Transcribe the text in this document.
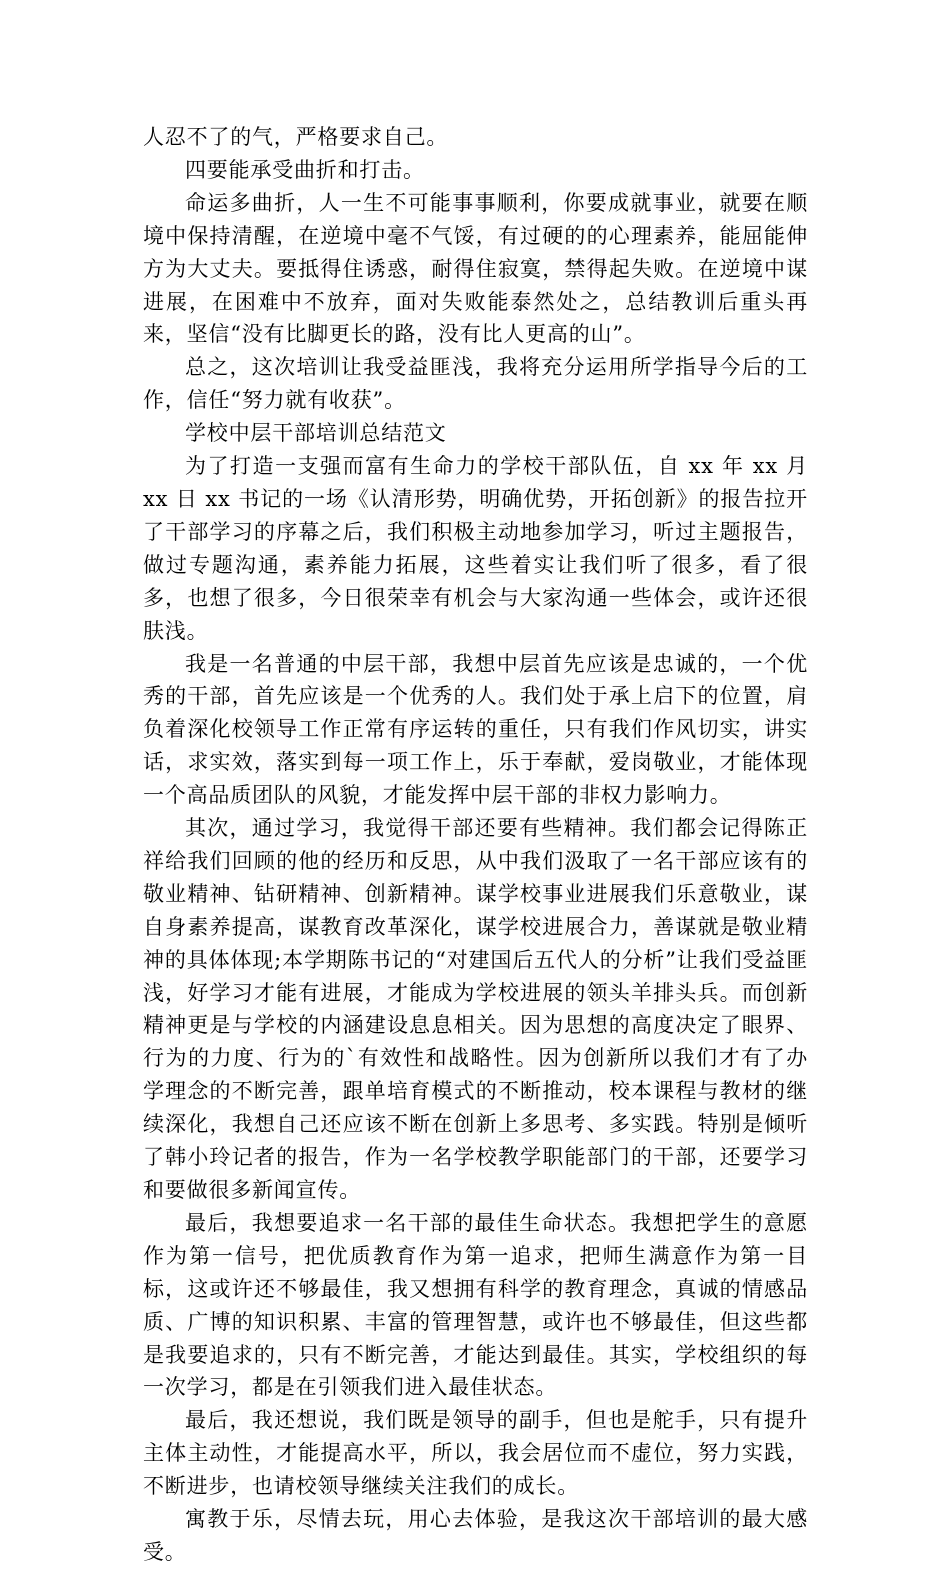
人忍不了的气，严格要求自己。

四要能承受曲折和打击。

命运多曲折，人一生不可能事事顺利，你要成就事业，就要在顺境中保持清醒，在逆境中毫不气馁，有过硬的的心理素养，能屈能伸方为大丈夫。要抵得住诱惑，耐得住寂寞，禁得起失败。在逆境中谋进展，在困难中不放弃，面对失败能泰然处之，总结教训后重头再来，坚信“没有比脚更长的路，没有比人更高的山”。

总之，这次培训让我受益匪浅，我将充分运用所学指导今后的工作，信任“努力就有收获”。

学校中层干部培训总结范文

为了打造一支强而富有生命力的学校干部队伍，自 xx 年 xx 月 xx 日 xx 书记的一场《认清形势，明确优势，开拓创新》的报告拉开了干部学习的序幕之后，我们积极主动地参加学习，听过主题报告，做过专题沟通，素养能力拓展，这些着实让我们听了很多，看了很多，也想了很多，今日很荣幸有机会与大家沟通一些体会，或许还很肤浅。

我是一名普通的中层干部，我想中层首先应该是忠诚的，一个优秀的干部，首先应该是一个优秀的人。我们处于承上启下的位置，肩负着深化校领导工作正常有序运转的重任，只有我们作风切实，讲实话，求实效，落实到每一项工作上，乐于奉献，爱岗敬业，才能体现一个高品质团队的风貌，才能发挥中层干部的非权力影响力。

其次，通过学习，我觉得干部还要有些精神。我们都会记得陈正祥给我们回顾的他的经历和反思，从中我们汲取了一名干部应该有的敬业精神、钻研精神、创新精神。谋学校事业进展我们乐意敬业，谋自身素养提高，谋教育改革深化，谋学校进展合力，善谋就是敬业精神的具体体现;本学期陈书记的“对建国后五代人的分析”让我们受益匪浅，好学习才能有进展，才能成为学校进展的领头羊排头兵。而创新精神更是与学校的内涵建设息息相关。因为思想的高度决定了眼界、行为的力度、行为的`有效性和战略性。因为创新所以我们才有了办学理念的不断完善，跟单培育模式的不断推动，校本课程与教材的继续深化，我想自己还应该不断在创新上多思考、多实践。特别是倾听了韩小玲记者的报告，作为一名学校教学职能部门的干部，还要学习和要做很多新闻宣传。

最后，我想要追求一名干部的最佳生命状态。我想把学生的意愿作为第一信号，把优质教育作为第一追求，把师生满意作为第一目标，这或许还不够最佳，我又想拥有科学的教育理念，真诚的情感品质、广博的知识积累、丰富的管理智慧，或许也不够最佳，但这些都是我要追求的，只有不断完善，才能达到最佳。其实，学校组织的每一次学习，都是在引领我们进入最佳状态。

最后，我还想说，我们既是领导的副手，但也是舵手，只有提升主体主动性，才能提高水平，所以，我会居位而不虚位，努力实践，不断进步，也请校领导继续关注我们的成长。

寓教于乐，尽情去玩，用心去体验，是我这次干部培训的最大感受。
